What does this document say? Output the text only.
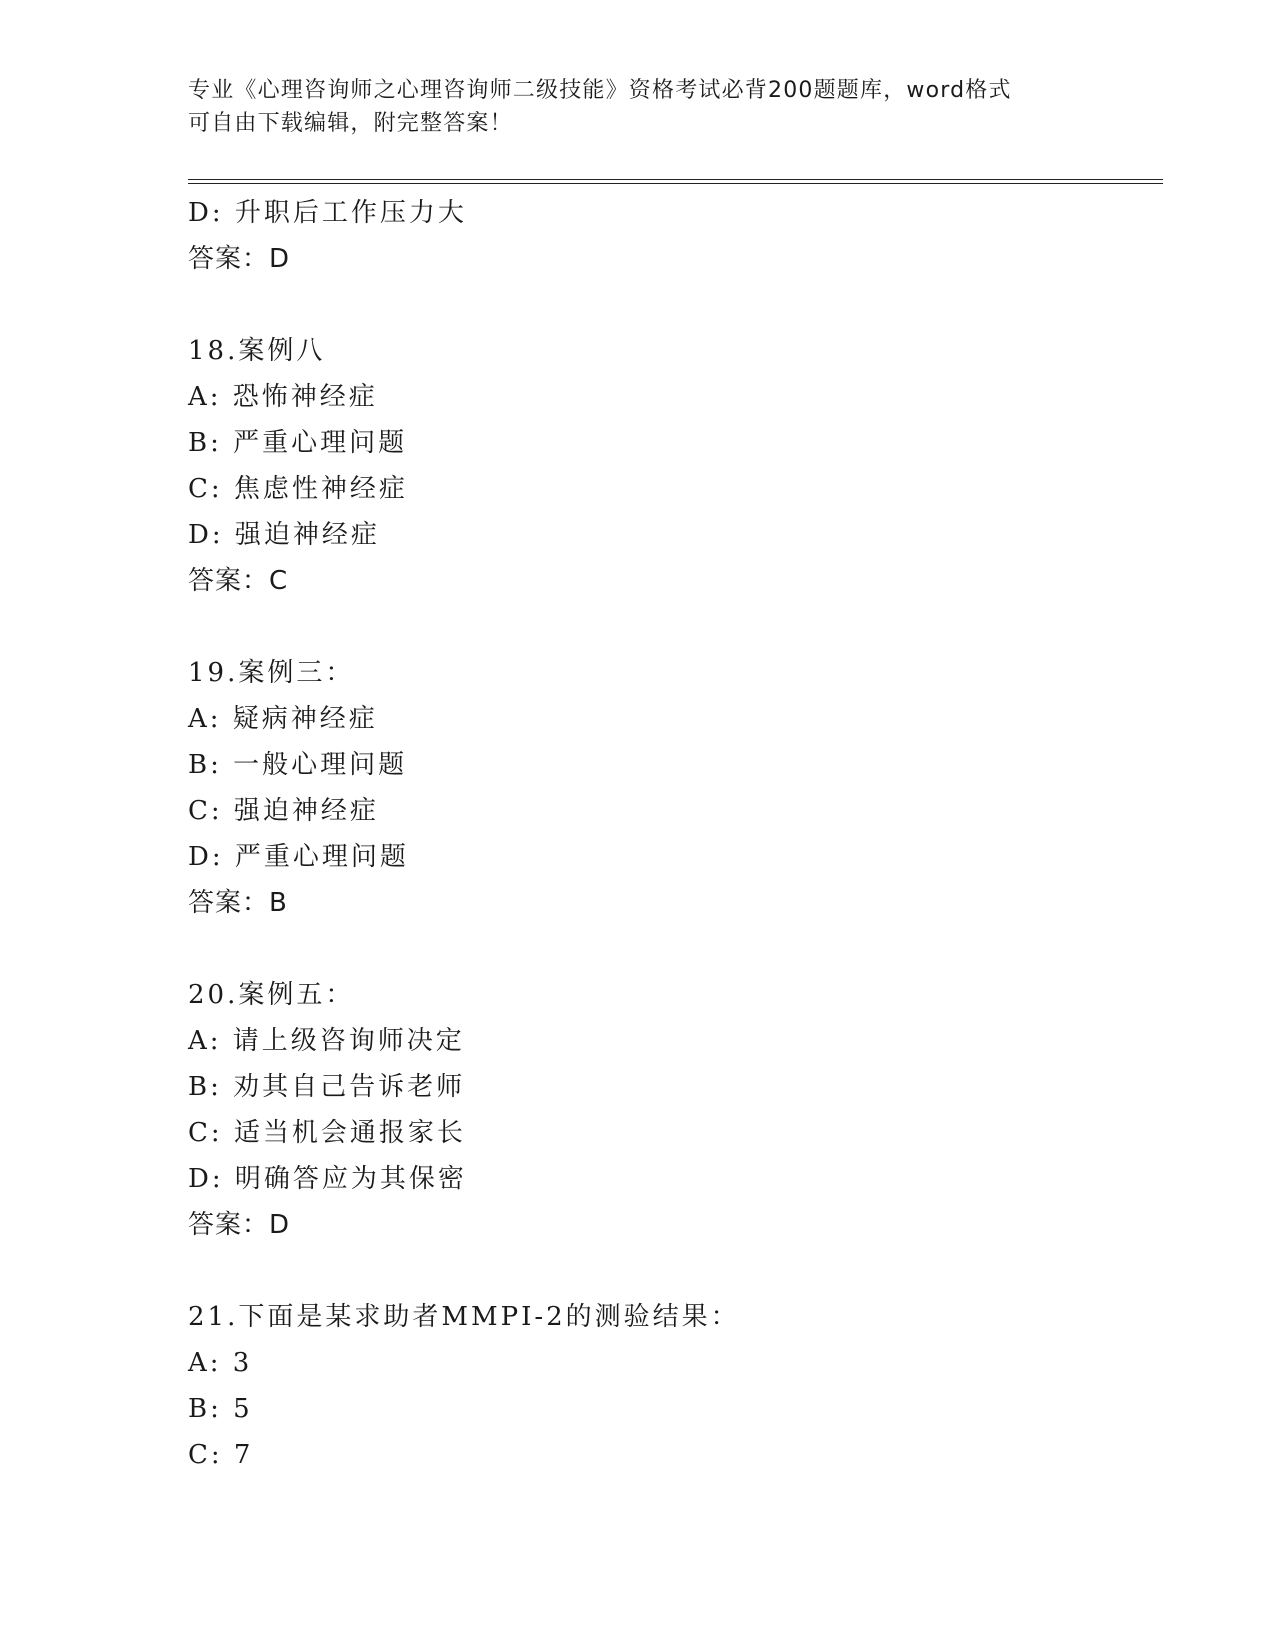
专业《心理咨询师之心理咨询师二级技能》资格考试必背200题题库，word格式
可自由下载编辑，附完整答案！
D: 升职后工作压力大
答案：D
18.案例八
A: 恐怖神经症
B: 严重心理问题
C: 焦虑性神经症
D: 强迫神经症
答案：C
19.案例三：
A: 疑病神经症
B: 一般心理问题
C: 强迫神经症
D: 严重心理问题
答案：B
20.案例五：
A: 请上级咨询师决定
B: 劝其自己告诉老师
C: 适当机会通报家长
D: 明确答应为其保密
答案：D
21.下面是某求助者MMPI-2的测验结果：
A: 3
B: 5
C: 7
